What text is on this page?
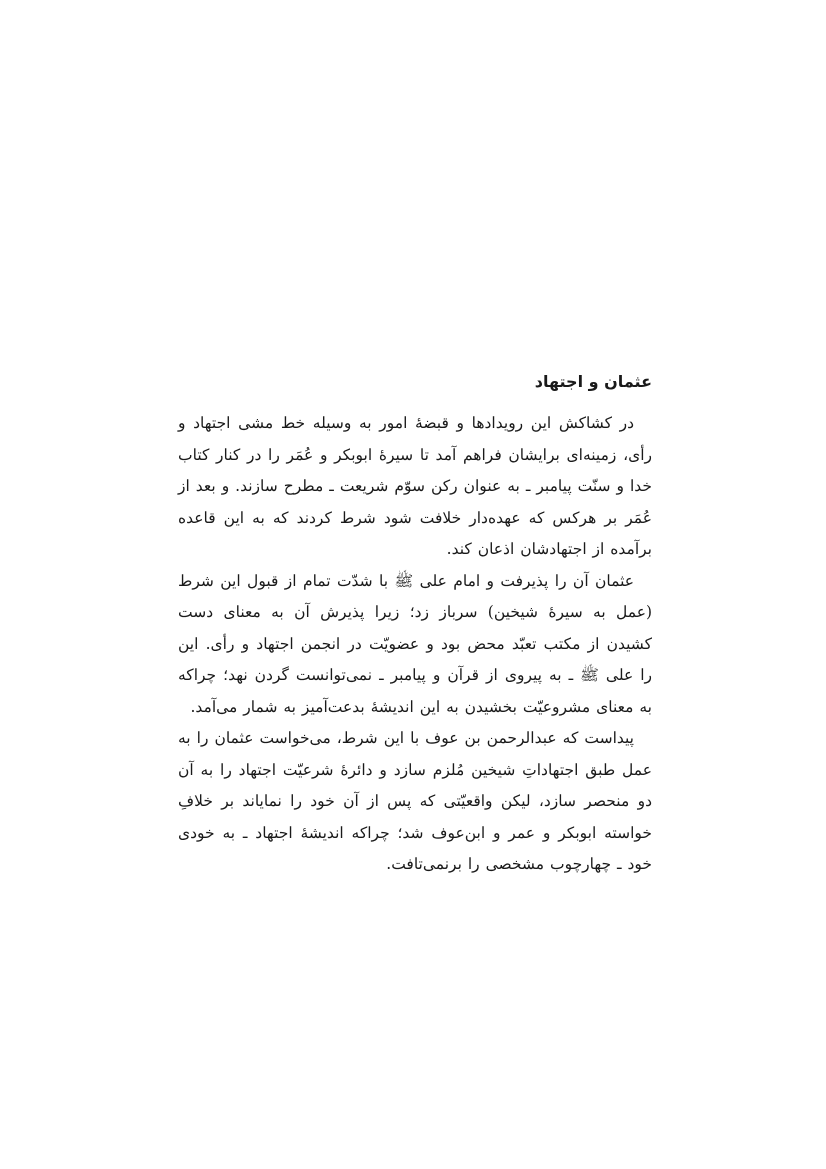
عثمان و اجتهاد

در کشاکش این رویدادها و قبضهٔ امور به وسیله خط مشی اجتهاد و رأی، زمینه‌ای برایشان فراهم آمد تا سیرهٔ ابوبکر و عُمَر را در کنار کتاب خدا و سنّت پیامبر ـ به عنوان رکن سوّم شریعت ـ مطرح سازند. و بعد از عُمَر بر هرکس که عهده‌دار خلافت شود شرط کردند که به این قاعده برآمده از اجتهادشان اذعان کند.

عثمان آن را پذیرفت و امام علی ﷺ با شدّت تمام از قبول این شرط (عمل به سیرهٔ شیخین) سرباز زد؛ زیرا پذیرش آن به معنای دست کشیدن از مکتب تعبّد محض بود و عضویّت در انجمن اجتهاد و رأی. این را علی ﷺ ـ به پیروی از قرآن و پیامبر ـ نمی‌توانست گردن نهد؛ چراکه به معنای مشروعیّت بخشیدن به این اندیشهٔ بدعت‌آمیز به شمار می‌آمد.

پیداست که عبدالرحمن بن عوف با این شرط، می‌خواست عثمان را به عمل طبق اجتهاداتِ شیخین مُلزم سازد و دائرهٔ شرعیّت اجتهاد را به آن دو منحصر سازد، لیکن واقعیّتی که پس از آن خود را نمایاند بر خلافِ خواسته ابوبکر و عمر و ابن‌عوف شد؛ چراکه اندیشهٔ اجتهاد ـ به خودی خود ـ چهارچوب مشخصی را برنمی‌تافت.
